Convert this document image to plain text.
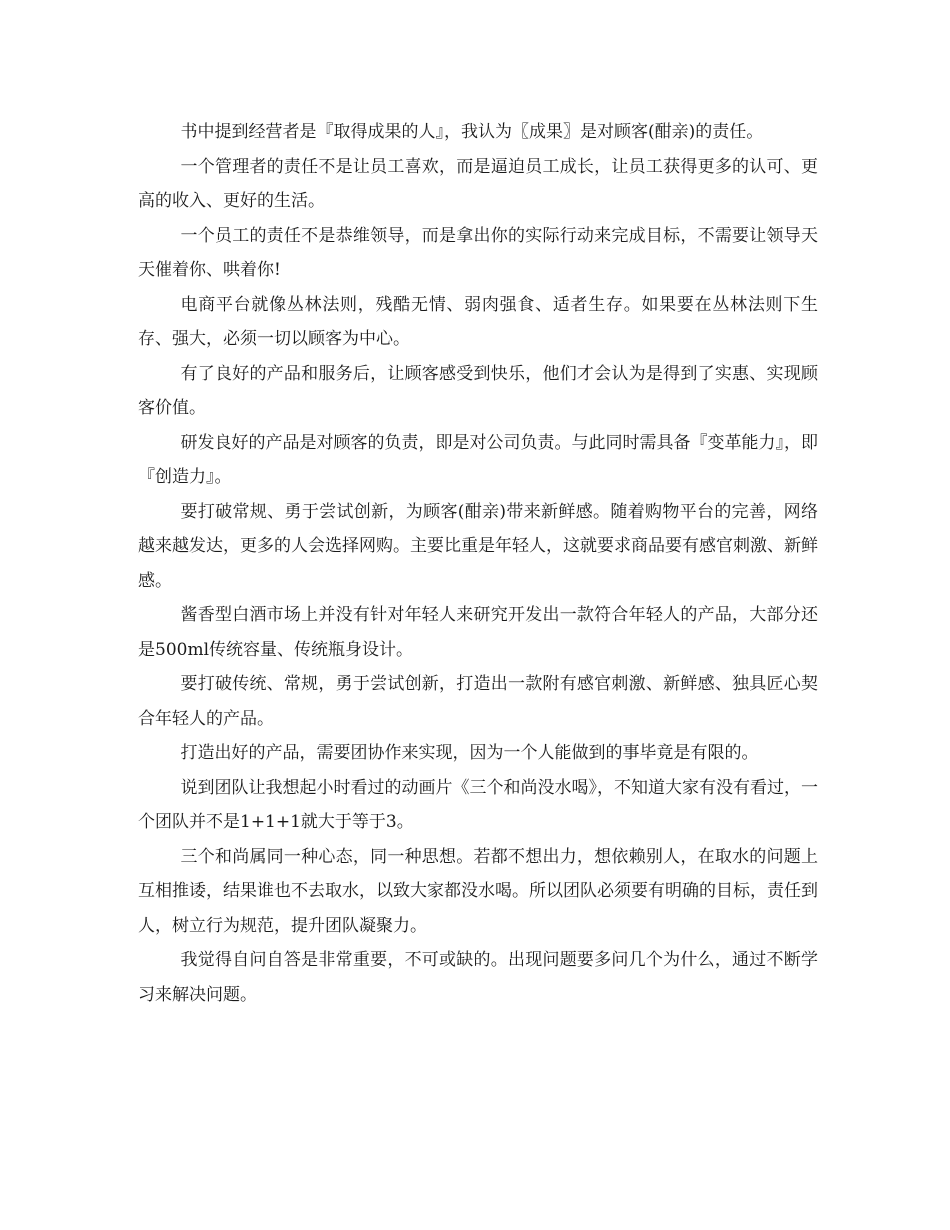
书中提到经营者是『取得成果的人』，我认为〖成果〗是对顾客(酣亲)的责任。

一个管理者的责任不是让员工喜欢，而是逼迫员工成长，让员工获得更多的认可、更高的收入、更好的生活。

一个员工的责任不是恭维领导，而是拿出你的实际行动来完成目标，不需要让领导天天催着你、哄着你!

电商平台就像丛林法则，残酷无情、弱肉强食、适者生存。如果要在丛林法则下生存、强大，必须一切以顾客为中心。

有了良好的产品和服务后，让顾客感受到快乐，他们才会认为是得到了实惠、实现顾客价值。

研发良好的产品是对顾客的负责，即是对公司负责。与此同时需具备『变革能力』，即『创造力』。

要打破常规、勇于尝试创新，为顾客(酣亲)带来新鲜感。随着购物平台的完善，网络越来越发达，更多的人会选择网购。主要比重是年轻人，这就要求商品要有感官刺激、新鲜感。

酱香型白酒市场上并没有针对年轻人来研究开发出一款符合年轻人的产品，大部分还是500ml传统容量、传统瓶身设计。

要打破传统、常规，勇于尝试创新，打造出一款附有感官刺激、新鲜感、独具匠心契合年轻人的产品。

打造出好的产品，需要团协作来实现，因为一个人能做到的事毕竟是有限的。

说到团队让我想起小时看过的动画片《三个和尚没水喝》，不知道大家有没有看过，一个团队并不是1+1+1就大于等于3。

三个和尚属同一种心态，同一种思想。若都不想出力，想依赖别人，在取水的问题上互相推诿，结果谁也不去取水，以致大家都没水喝。所以团队必须要有明确的目标，责任到人，树立行为规范，提升团队凝聚力。

我觉得自问自答是非常重要，不可或缺的。出现问题要多问几个为什么，通过不断学习来解决问题。
